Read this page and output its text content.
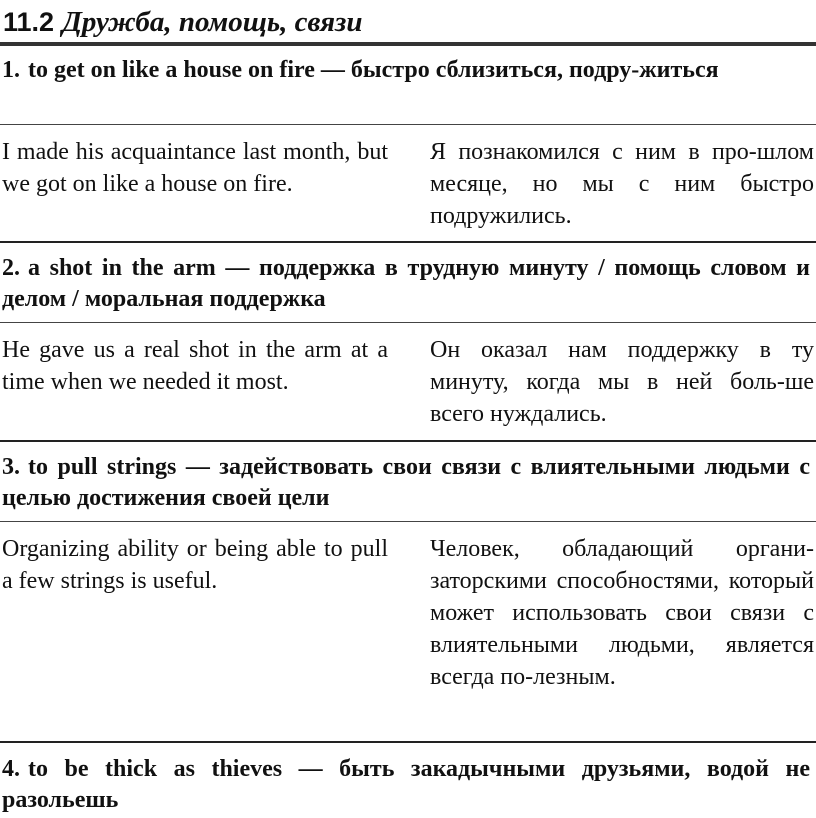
11.2 Дружба, помощь, связи
1. to get on like a house on fire — быстро сблизиться, подру-житься
I made his acquaintance last month, but we got on like a house on fire.
Я познакомился с ним в про-шлом месяце, но мы с ним быстро подружились.
2. a shot in the arm — поддержка в трудную минуту / помощь словом и делом / моральная поддержка
He gave us a real shot in the arm at a time when we needed it most.
Он оказал нам поддержку в ту минуту, когда мы в ней боль-ше всего нуждались.
3. to pull strings — задействовать свои связи с влиятельными людьми с целью достижения своей цели
Organizing ability or being able to pull a few strings is useful.
Человек, обладающий органи-заторскими способностями, который может использовать свои связи с влиятельными людьми, является всегда по-лезным.
4. to be thick as thieves — быть закадычными друзьями, водой не разольешь
